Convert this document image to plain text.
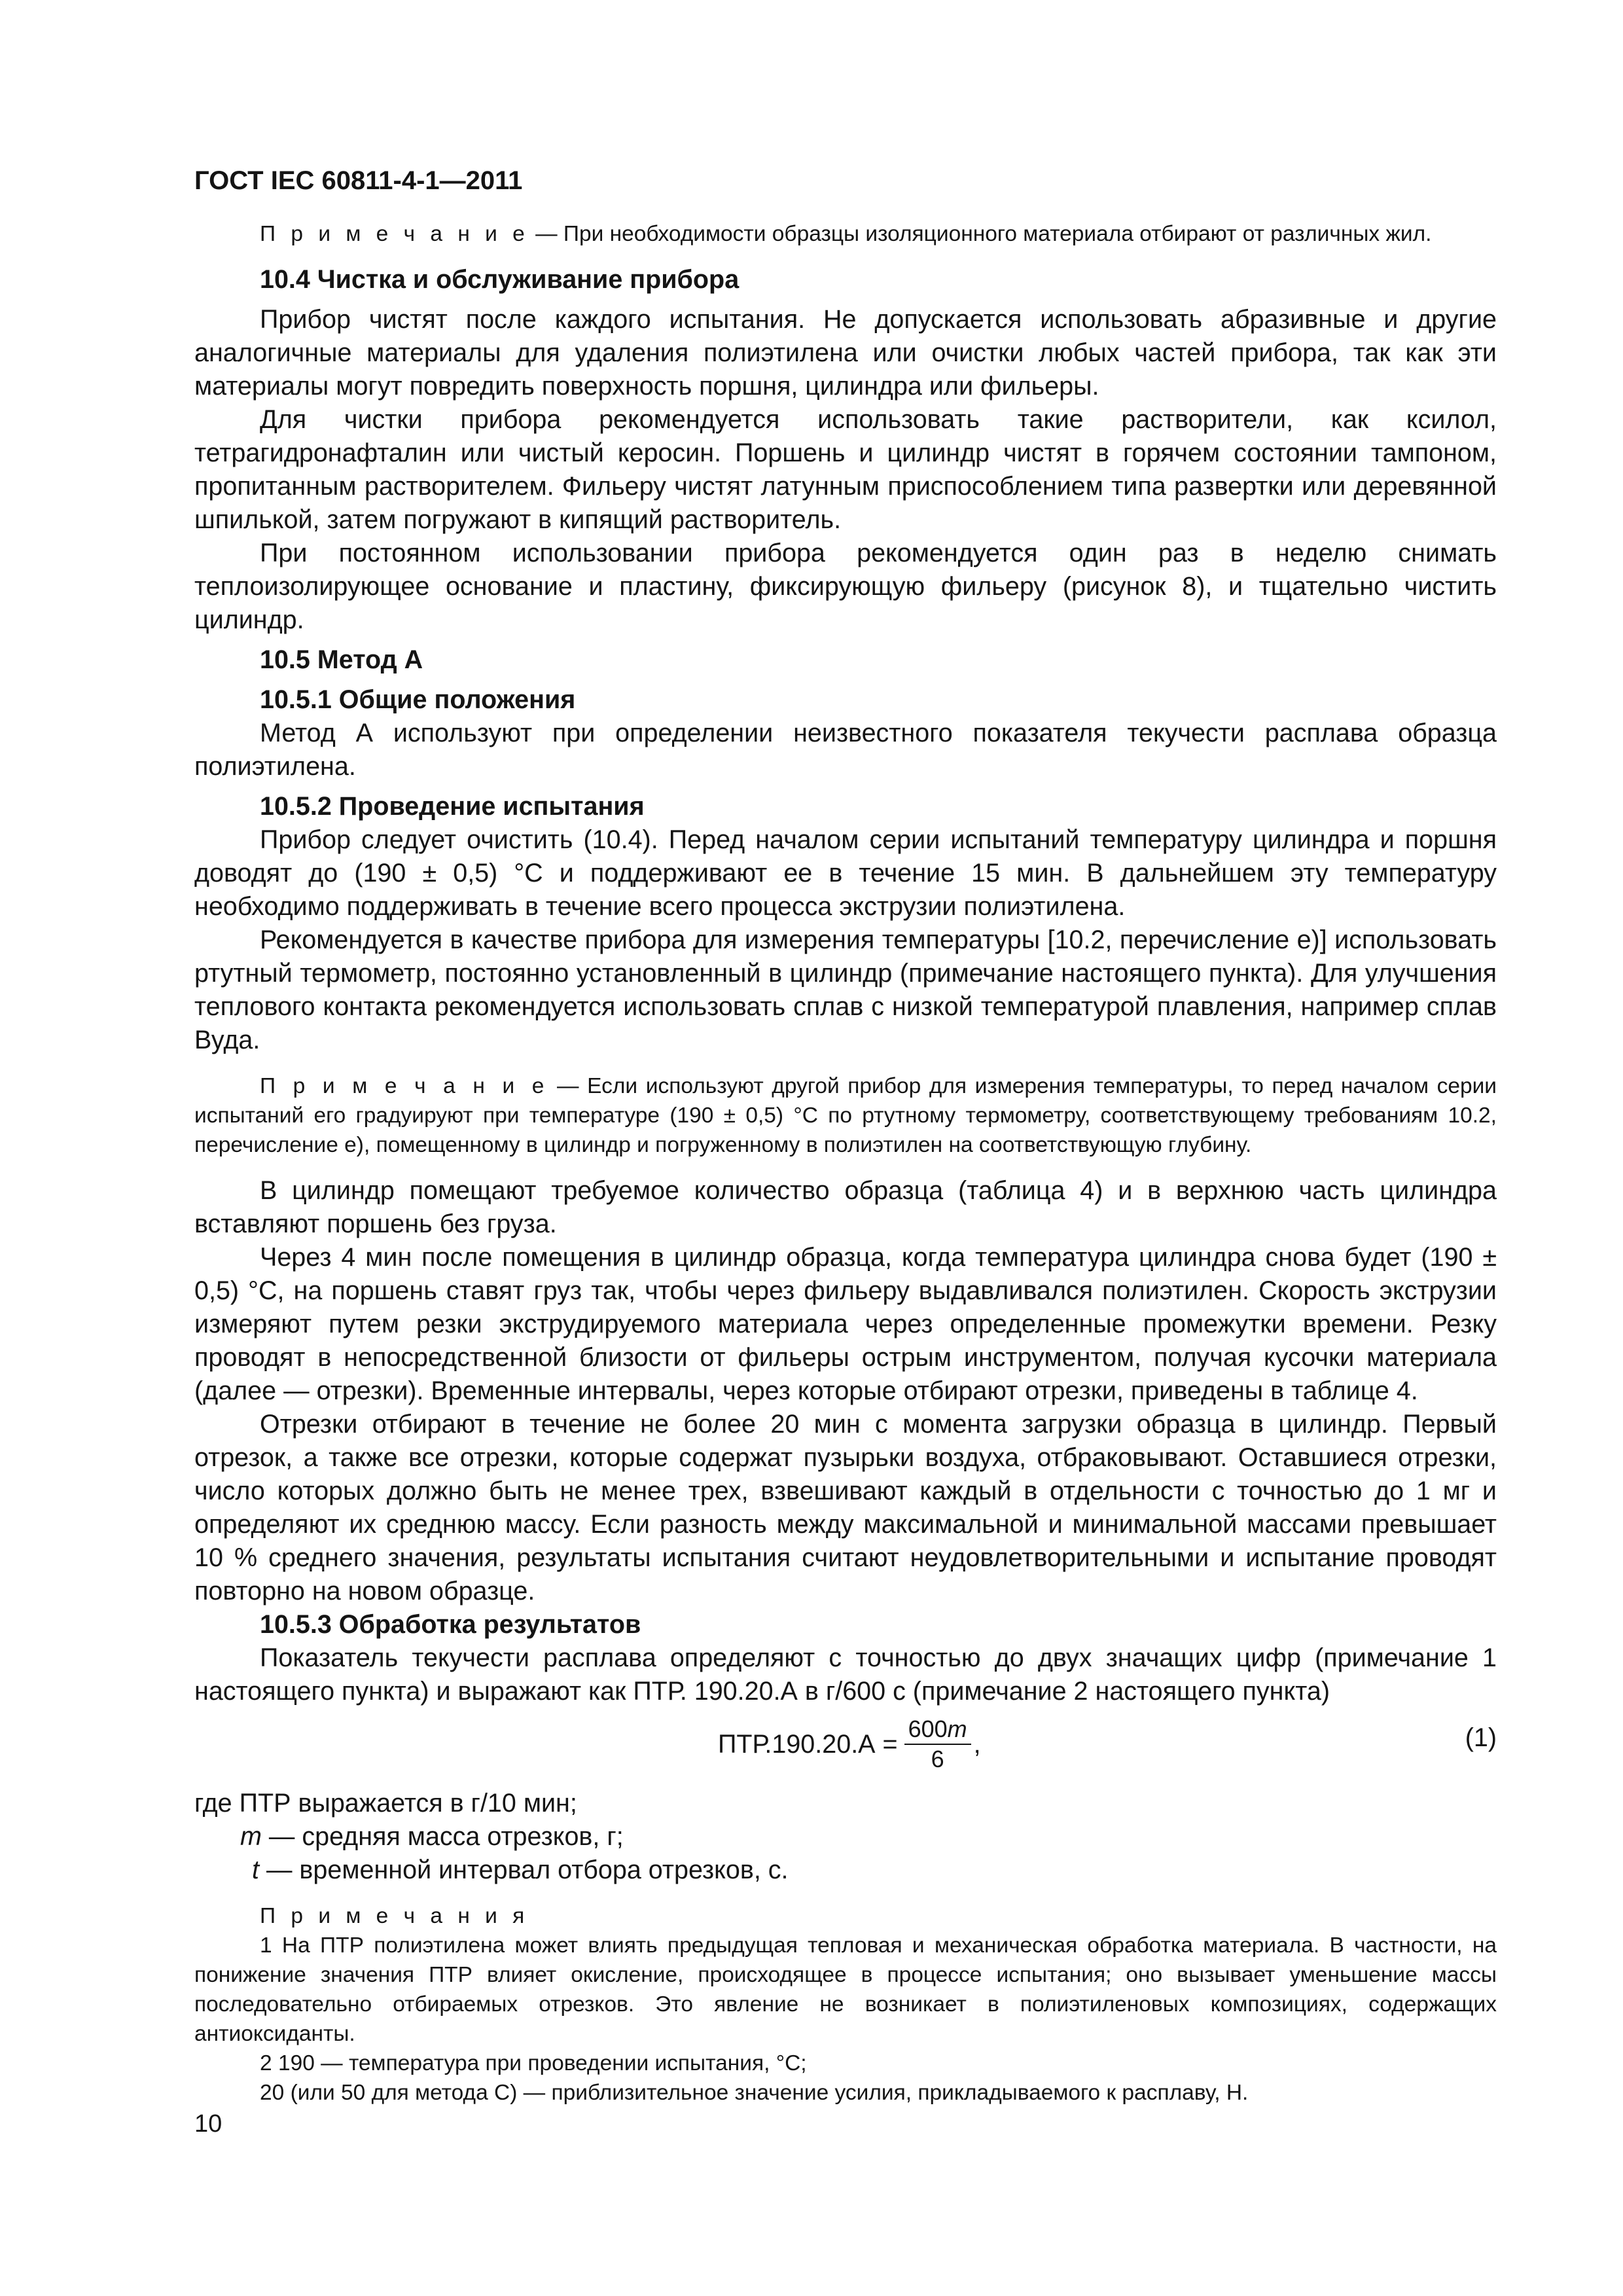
ГОСТ IEC 60811-4-1—2011

П р и м е ч а н и е — При необходимости образцы изоляционного материала отбирают от различных жил.

10.4 Чистка и обслуживание прибора

Прибор чистят после каждого испытания. Не допускается использовать абразивные и другие аналогичные материалы для удаления полиэтилена или очистки любых частей прибора, так как эти материалы могут повредить поверхность поршня, цилиндра или фильеры.

Для чистки прибора рекомендуется использовать такие растворители, как ксилол, тетрагидронафталин или чистый керосин. Поршень и цилиндр чистят в горячем состоянии тампоном, пропитанным растворителем. Фильеру чистят латунным приспособлением типа развертки или деревянной шпилькой, затем погружают в кипящий растворитель.

При постоянном использовании прибора рекомендуется один раз в неделю снимать теплоизолирующее основание и пластину, фиксирующую фильеру (рисунок 8), и тщательно чистить цилиндр.

10.5 Метод А

10.5.1 Общие положения

Метод А используют при определении неизвестного показателя текучести расплава образца полиэтилена.

10.5.2 Проведение испытания

Прибор следует очистить (10.4). Перед началом серии испытаний температуру цилиндра и поршня доводят до (190 ± 0,5) °С и поддерживают ее в течение 15 мин. В дальнейшем эту температуру необходимо поддерживать в течение всего процесса экструзии полиэтилена.

Рекомендуется в качестве прибора для измерения температуры [10.2, перечисление е)] использовать ртутный термометр, постоянно установленный в цилиндр (примечание настоящего пункта). Для улучшения теплового контакта рекомендуется использовать сплав с низкой температурой плавления, например сплав Вуда.

П р и м е ч а н и е — Если используют другой прибор для измерения температуры, то перед началом серии испытаний его градуируют при температуре (190 ± 0,5) °С по ртутному термометру, соответствующему требованиям 10.2, перечисление е), помещенному в цилиндр и погруженному в полиэтилен на соответствующую глубину.

В цилиндр помещают требуемое количество образца (таблица 4) и в верхнюю часть цилиндра вставляют поршень без груза.

Через 4 мин после помещения в цилиндр образца, когда температура цилиндра снова будет (190 ± 0,5) °С, на поршень ставят груз так, чтобы через фильеру выдавливался полиэтилен. Скорость экструзии измеряют путем резки экструдируемого материала через определенные промежутки времени. Резку проводят в непосредственной близости от фильеры острым инструментом, получая кусочки материала (далее — отрезки). Временные интервалы, через которые отбирают отрезки, приведены в таблице 4.

Отрезки отбирают в течение не более 20 мин с момента загрузки образца в цилиндр. Первый отрезок, а также все отрезки, которые содержат пузырьки воздуха, отбраковывают. Оставшиеся отрезки, число которых должно быть не менее трех, взвешивают каждый в отдельности с точностью до 1 мг и определяют их среднюю массу. Если разность между максимальной и минимальной массами превышает 10 % среднего значения, результаты испытания считают неудовлетворительными и испытание проводят повторно на новом образце.

10.5.3 Обработка результатов

Показатель текучести расплава определяют с точностью до двух значащих цифр (примечание 1 настоящего пункта) и выражают как ПТР. 190.20.А в г/600 с (примечание 2 настоящего пункта)

$ПТР.190.20.А = \frac{600m}{6}$ ,	(1)

где ПТР выражается в г/10 мин;

m — средняя масса отрезков, г;

t — временной интервал отбора отрезков, с.

П р и м е ч а н и я

1 На ПТР полиэтилена может влиять предыдущая тепловая и механическая обработка материала. В частности, на понижение значения ПТР влияет окисление, происходящее в процессе испытания; оно вызывает уменьшение массы последовательно отбираемых отрезков. Это явление не возникает в полиэтиленовых композициях, содержащих антиоксиданты.

2 190 — температура при проведении испытания, °С;

20 (или 50 для метода С) — приблизительное значение усилия, прикладываемого к расплаву, Н.

10
